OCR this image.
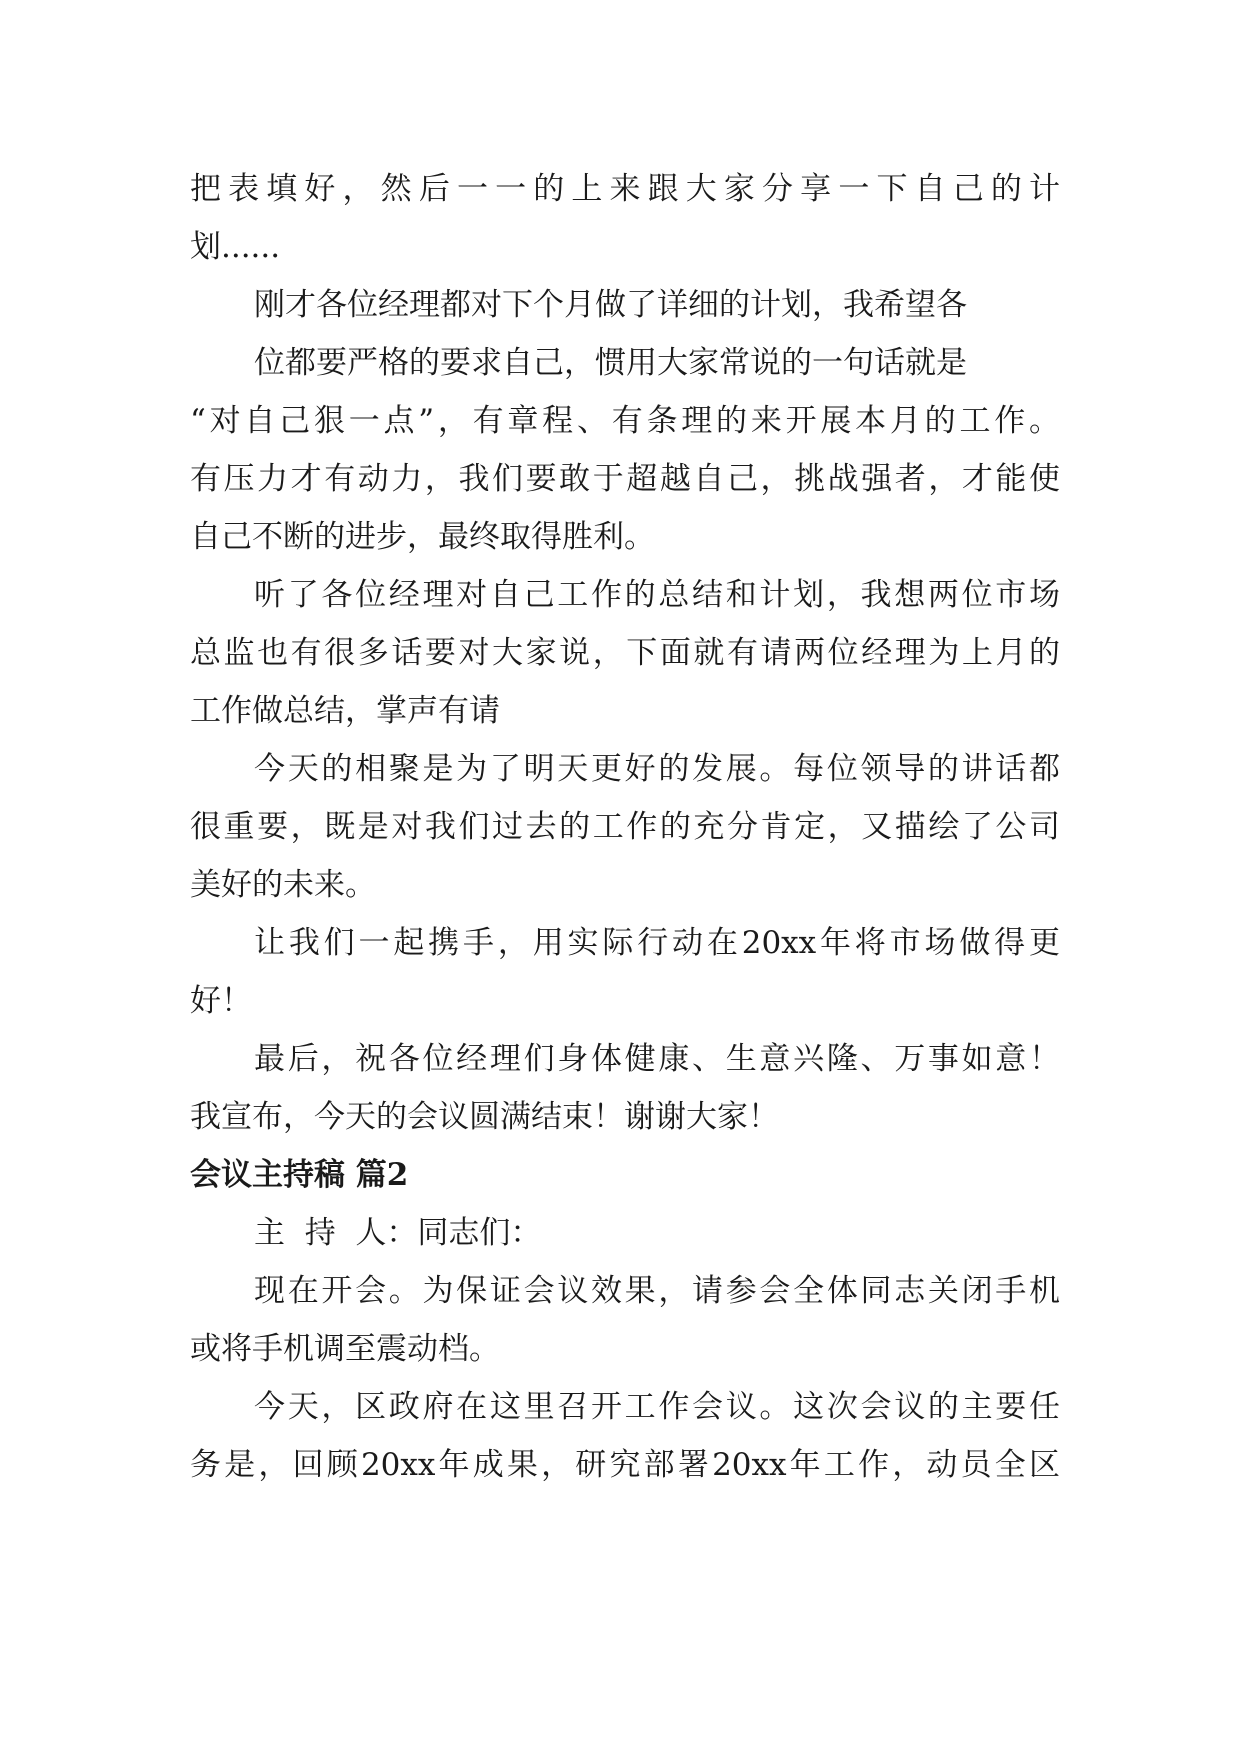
把表填好，然后一一的上来跟大家分享一下自己的计

划......

刚才各位经理都对下个月做了详细的计划，我希望各

位都要严格的要求自己，惯用大家常说的一句话就是

“对自己狠一点”，有章程、有条理的来开展本月的工作。

有压力才有动力，我们要敢于超越自己，挑战强者，才能使

自己不断的进步，最终取得胜利。

听了各位经理对自己工作的总结和计划，我想两位市场

总监也有很多话要对大家说，下面就有请两位经理为上月的

工作做总结，掌声有请

今天的相聚是为了明天更好的发展。每位领导的讲话都

很重要，既是对我们过去的工作的充分肯定，又描绘了公司

美好的未来。

让我们一起携手，用实际行动在20xx年将市场做得更

好！

最后，祝各位经理们身体健康、生意兴隆、万事如意！

我宣布，今天的会议圆满结束！谢谢大家！

会议主持稿 篇2

主  持  人：同志们：

现在开会。为保证会议效果，请参会全体同志关闭手机

或将手机调至震动档。

今天，区政府在这里召开工作会议。这次会议的主要任

务是，回顾20xx年成果，研究部署20xx年工作，动员全区
